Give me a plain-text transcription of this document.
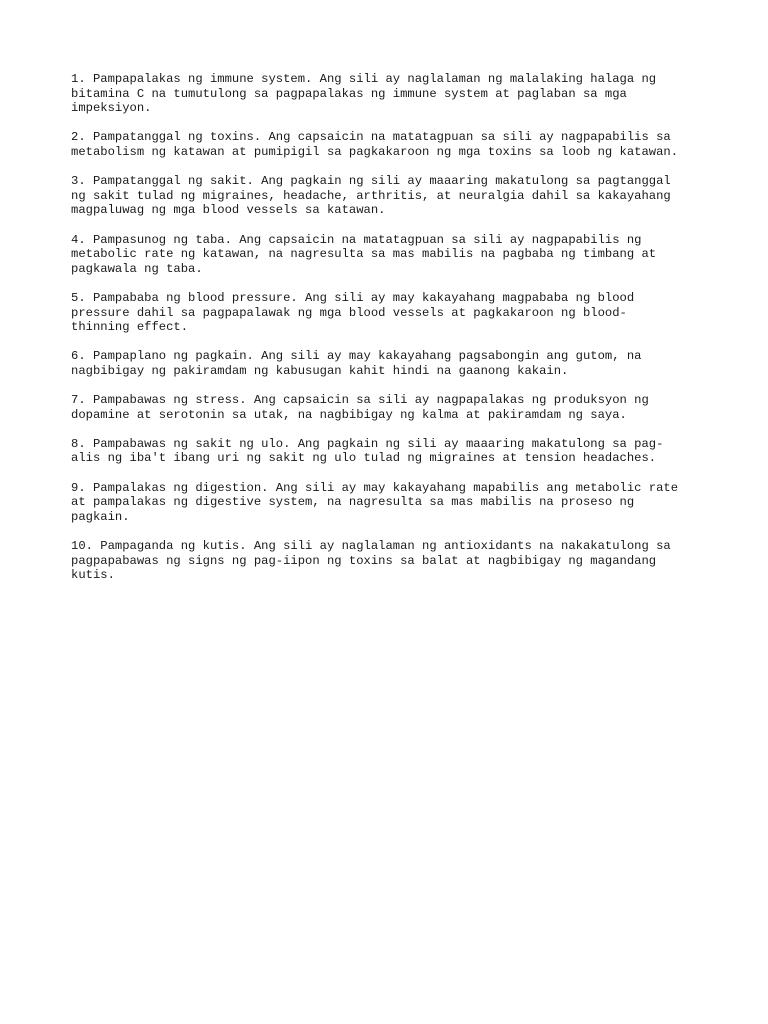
1. Pampapalakas ng immune system. Ang sili ay naglalaman ng malalaking halaga ng
bitamina C na tumutulong sa pagpapalakas ng immune system at paglaban sa mga
impeksiyon.

2. Pampatanggal ng toxins. Ang capsaicin na matatagpuan sa sili ay nagpapabilis sa
metabolism ng katawan at pumipigil sa pagkakaroon ng mga toxins sa loob ng katawan.

3. Pampatanggal ng sakit. Ang pagkain ng sili ay maaaring makatulong sa pagtanggal
ng sakit tulad ng migraines, headache, arthritis, at neuralgia dahil sa kakayahang
magpaluwag ng mga blood vessels sa katawan.

4. Pampasunog ng taba. Ang capsaicin na matatagpuan sa sili ay nagpapabilis ng
metabolic rate ng katawan, na nagresulta sa mas mabilis na pagbaba ng timbang at
pagkawala ng taba.

5. Pampababa ng blood pressure. Ang sili ay may kakayahang magpababa ng blood
pressure dahil sa pagpapalawak ng mga blood vessels at pagkakaroon ng blood-
thinning effect.

6. Pampaplano ng pagkain. Ang sili ay may kakayahang pagsabongin ang gutom, na
nagbibigay ng pakiramdam ng kabusugan kahit hindi na gaanong kakain.

7. Pampabawas ng stress. Ang capsaicin sa sili ay nagpapalakas ng produksyon ng
dopamine at serotonin sa utak, na nagbibigay ng kalma at pakiramdam ng saya.

8. Pampabawas ng sakit ng ulo. Ang pagkain ng sili ay maaaring makatulong sa pag-
alis ng iba't ibang uri ng sakit ng ulo tulad ng migraines at tension headaches.

9. Pampalakas ng digestion. Ang sili ay may kakayahang mapabilis ang metabolic rate
at pampalakas ng digestive system, na nagresulta sa mas mabilis na proseso ng
pagkain.

10. Pampaganda ng kutis. Ang sili ay naglalaman ng antioxidants na nakakatulong sa
pagpapabawas ng signs ng pag-iipon ng toxins sa balat at nagbibigay ng magandang
kutis.
